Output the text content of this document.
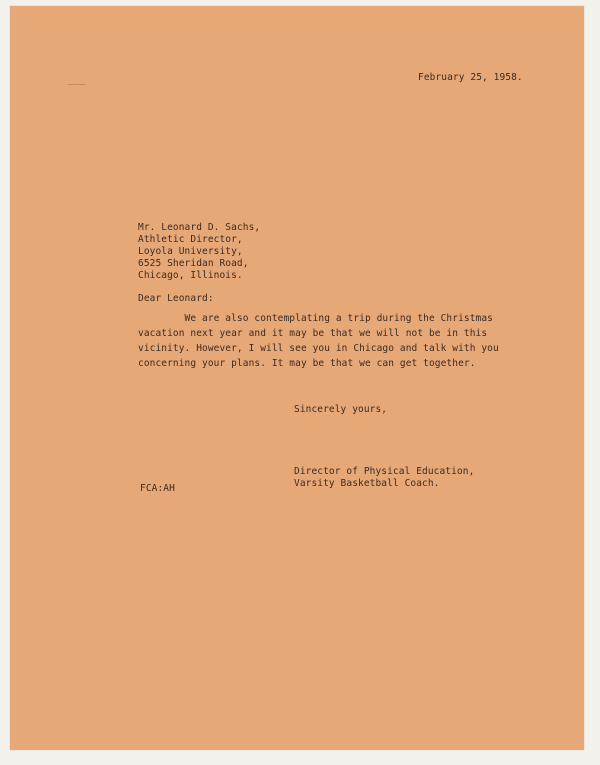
February 25, 1958.
Mr. Leonard D. Sachs,
Athletic Director,
Loyola University,
6525 Sheridan Road,
Chicago, Illinois.
Dear Leonard:
We are also contemplating a trip during the Christmas
vacation next year and it may be that we will not be in this
vicinity. However, I will see you in Chicago and talk with you
concerning your plans. It may be that we can get together.
Sincerely yours,
Director of Physical Education,
Varsity Basketball Coach.
FCA:AH
